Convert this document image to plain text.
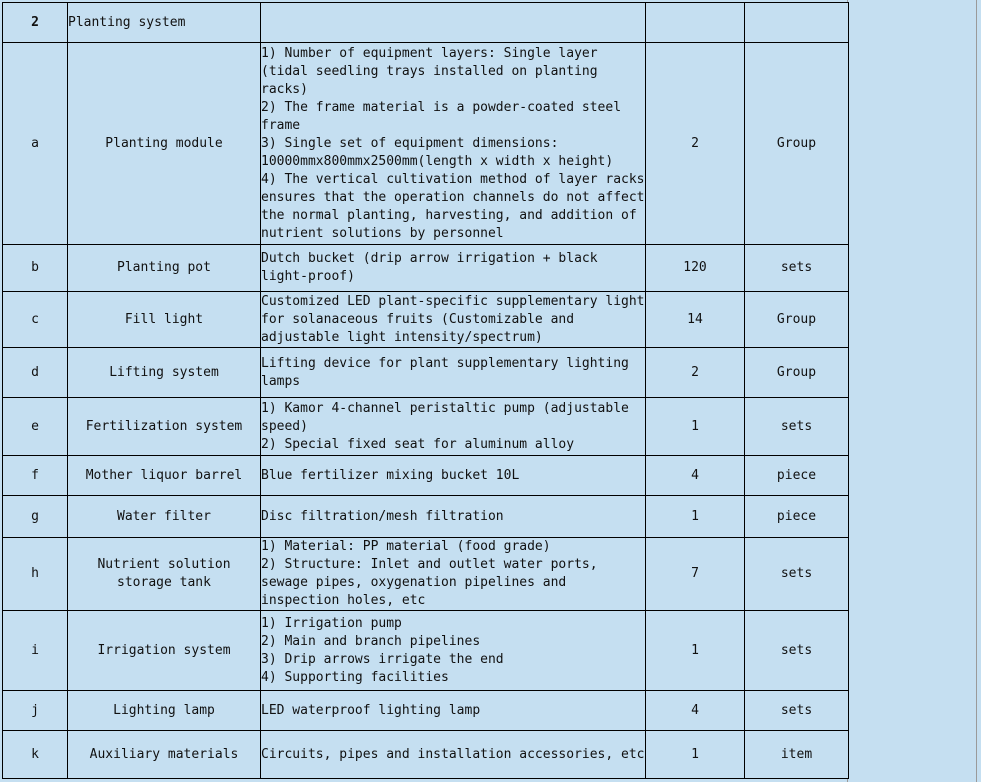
2	Planting system			
a	Planting module	1) Number of equipment layers: Single layer (tidal seedling trays installed on planting racks)
2) The frame material is a powder-coated steel frame
3) Single set of equipment dimensions: 10000mmx800mmx2500mm(length x width x height)
4) The vertical cultivation method of layer racks ensures that the operation channels do not affect the normal planting, harvesting, and addition of nutrient solutions by personnel	2	Group
b	Planting pot	Dutch bucket (drip arrow irrigation + black light-proof)	120	sets
c	Fill light	Customized LED plant-specific supplementary light for solanaceous fruits (Customizable and adjustable light intensity/spectrum)	14	Group
d	Lifting system	Lifting device for plant supplementary lighting lamps	2	Group
e	Fertilization system	1) Kamor 4-channel peristaltic pump (adjustable speed)
2) Special fixed seat for aluminum alloy	1	sets
f	Mother liquor barrel	Blue fertilizer mixing bucket 10L	4	piece
g	Water filter	Disc filtration/mesh filtration	1	piece
h	Nutrient solution storage tank	1) Material: PP material (food grade)
2) Structure: Inlet and outlet water ports, sewage pipes, oxygenation pipelines and inspection holes, etc	7	sets
i	Irrigation system	1) Irrigation pump
2) Main and branch pipelines
3) Drip arrows irrigate the end
4) Supporting facilities	1	sets
j	Lighting lamp	LED waterproof lighting lamp	4	sets
k	Auxiliary materials	Circuits, pipes and installation accessories, etc	1	item
